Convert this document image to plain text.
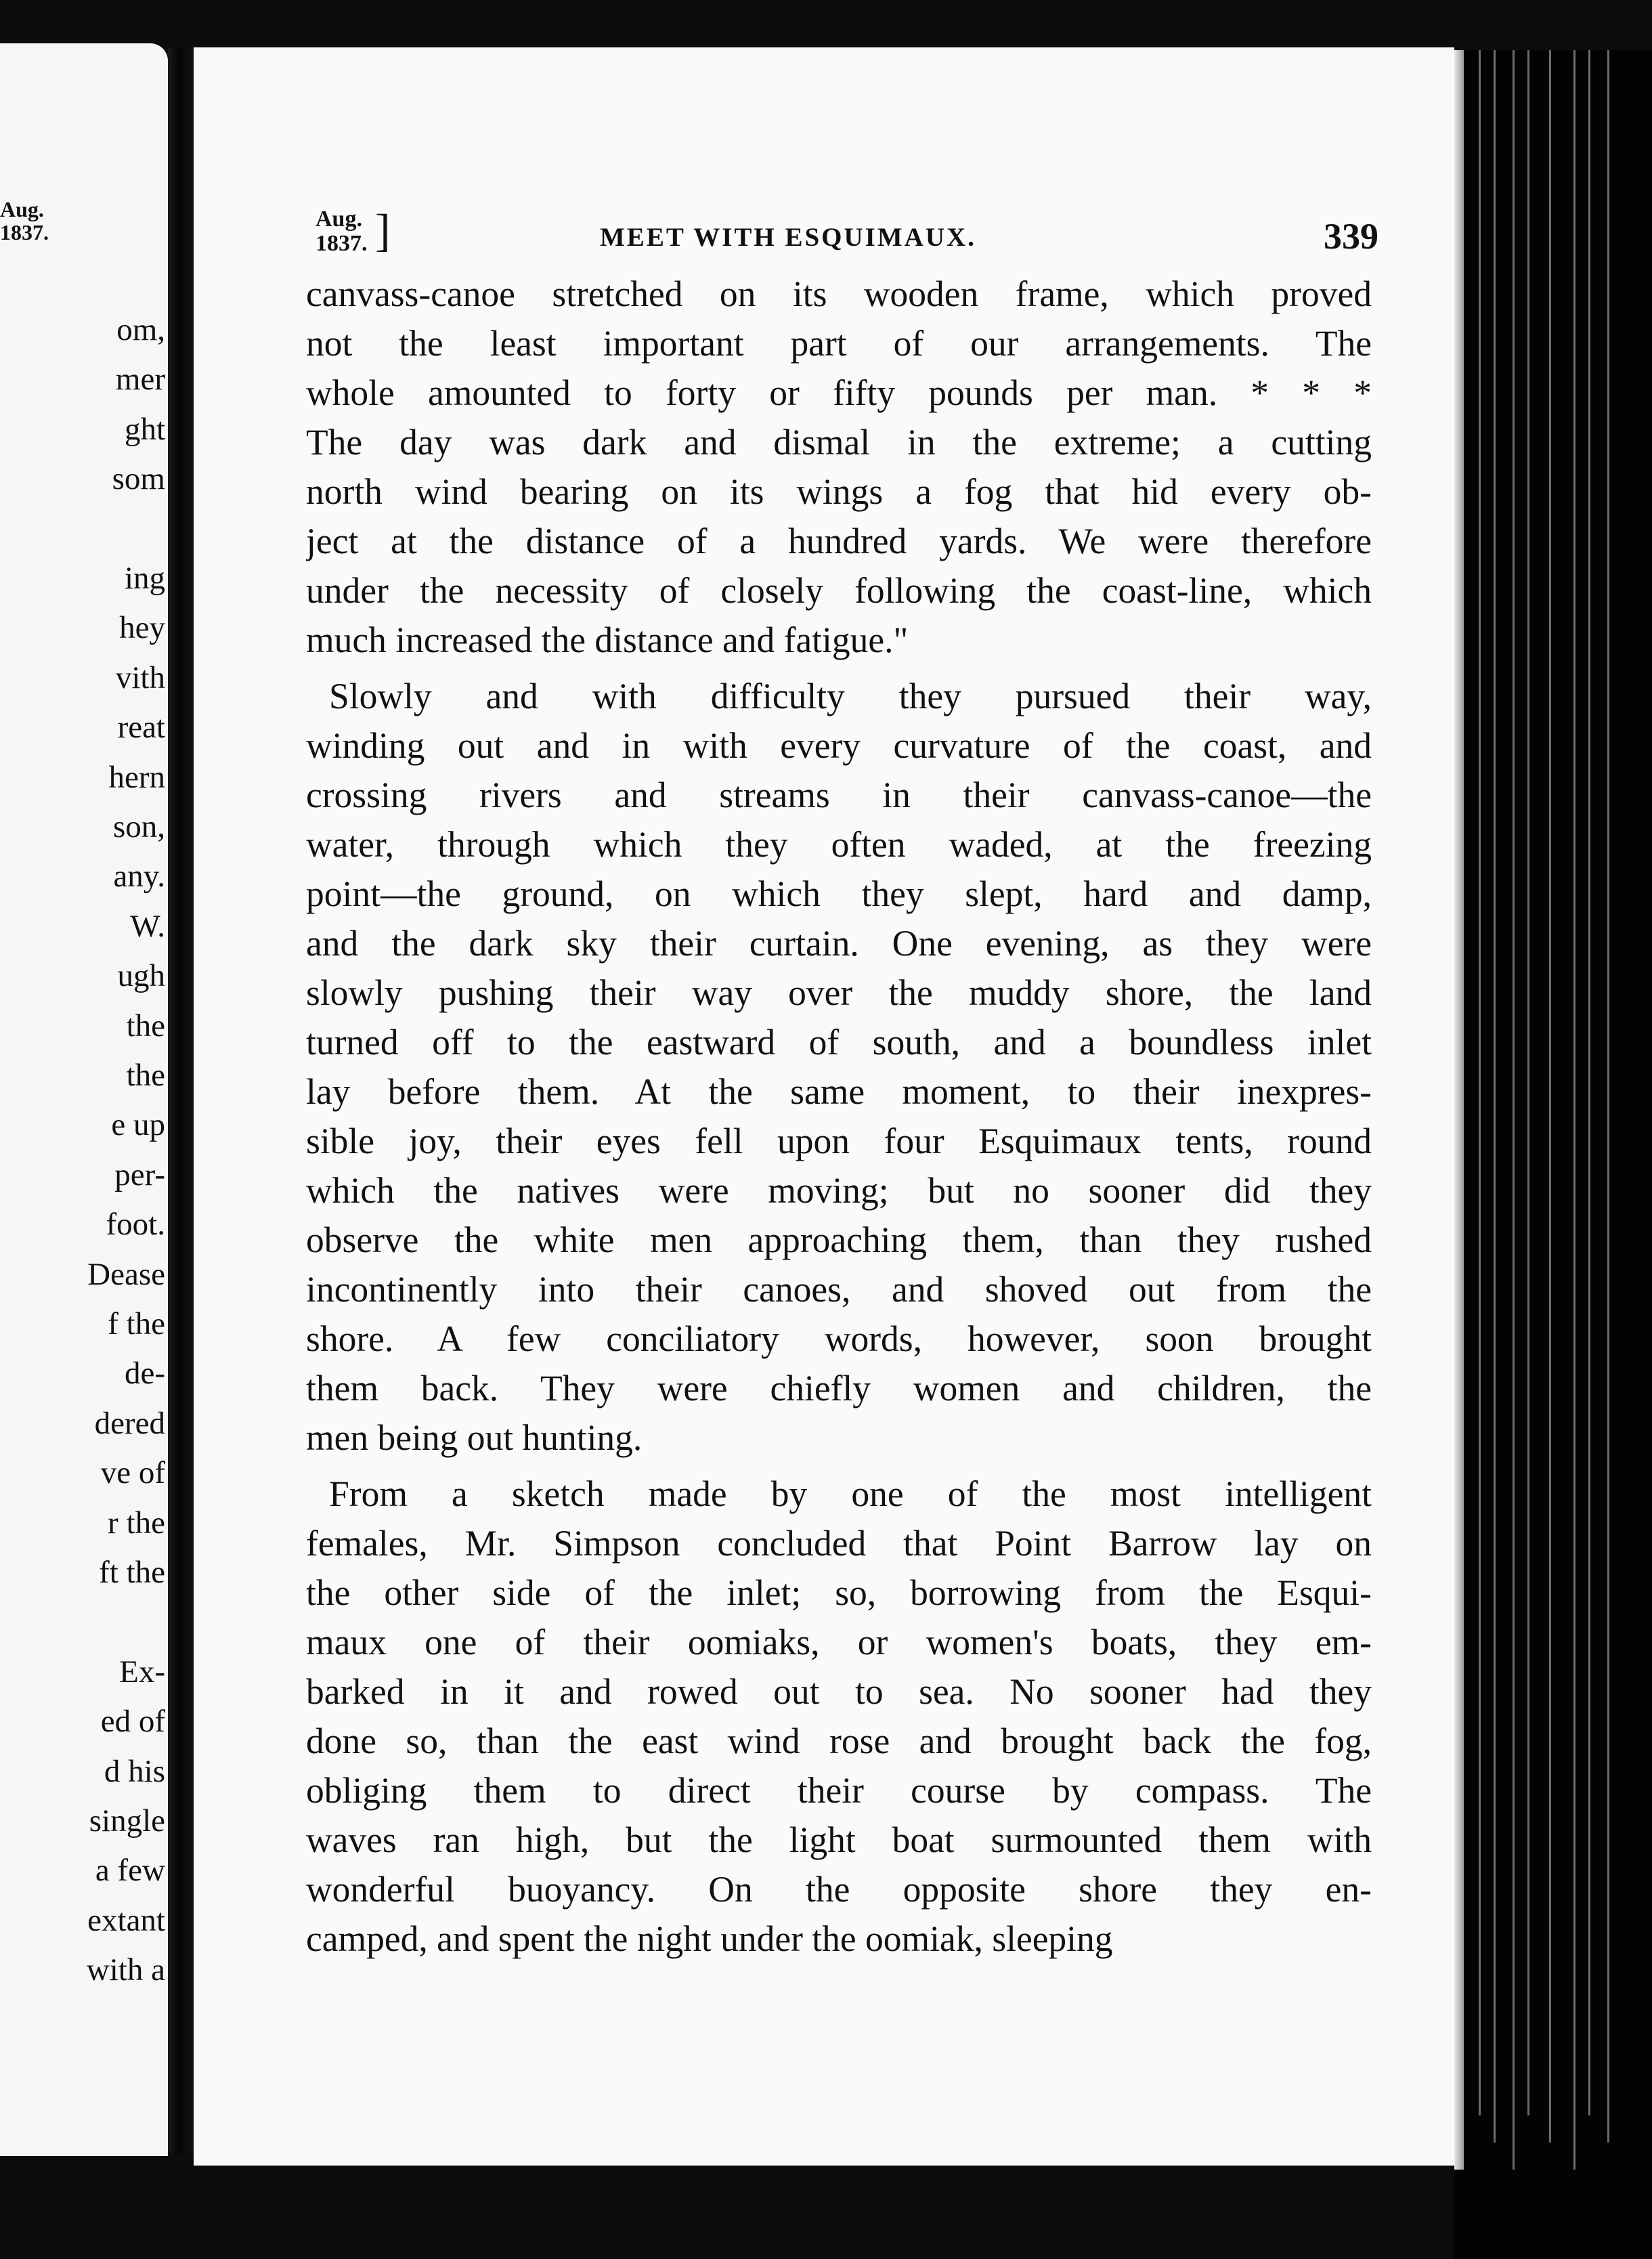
Aug.
1837.
om,
mer
ght
som
ing
hey
vith
reat
hern
son,
any.
W.
ugh
the
the
e up
per-
foot.
Dease
f the
de-
dered
ve of
r the
ft the
Ex-
ed of
d his
single
a few
extant
with a
Aug.
1837. ]	MEET WITH ESQUIMAUX.	339
canvass-canoe stretched on its wooden frame, which proved
not the least important part of our arrangements. The
whole amounted to forty or fifty pounds per man. * * *
The day was dark and dismal in the extreme; a cutting
north wind bearing on its wings a fog that hid every ob-
ject at the distance of a hundred yards. We were therefore
under the necessity of closely following the coast-line, which
much increased the distance and fatigue."
Slowly and with difficulty they pursued their way,
winding out and in with every curvature of the coast, and
crossing rivers and streams in their canvass-canoe—the
water, through which they often waded, at the freezing
point—the ground, on which they slept, hard and damp,
and the dark sky their curtain. One evening, as they were
slowly pushing their way over the muddy shore, the land
turned off to the eastward of south, and a boundless inlet
lay before them. At the same moment, to their inexpres-
sible joy, their eyes fell upon four Esquimaux tents, round
which the natives were moving; but no sooner did they
observe the white men approaching them, than they rushed
incontinently into their canoes, and shoved out from the
shore. A few conciliatory words, however, soon brought
them back. They were chiefly women and children, the
men being out hunting.
From a sketch made by one of the most intelligent
females, Mr. Simpson concluded that Point Barrow lay on
the other side of the inlet; so, borrowing from the Esqui-
maux one of their oomiaks, or women's boats, they em-
barked in it and rowed out to sea. No sooner had they
done so, than the east wind rose and brought back the fog,
obliging them to direct their course by compass. The
waves ran high, but the light boat surmounted them with
wonderful buoyancy. On the opposite shore they en-
camped, and spent the night under the oomiak, sleeping
